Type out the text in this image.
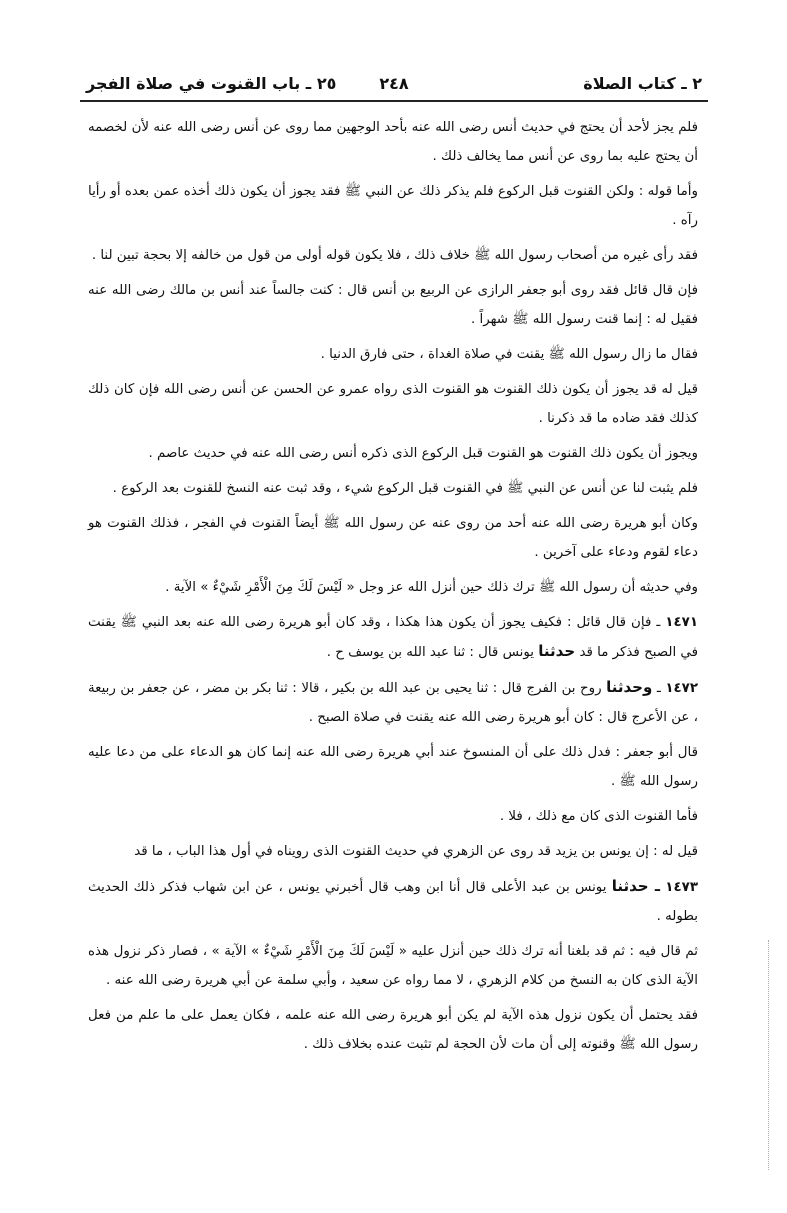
٢ ـ كتاب الصلاة
٢٤٨
٢٥ ـ باب القنوت في صلاة الفجر

فلم يجز لأحد أن يحتج في حديث أنس رضى الله عنه بأحد الوجهين مما روى عن أنس رضى الله عنه لأن لخصمه أن يحتج عليه بما روى عن أنس مما يخالف ذلك .

وأما قوله : ولكن القنوت قبل الركوع فلم يذكر ذلك عن النبي ﷺ فقد يجوز أن يكون ذلك أخذه عمن بعده أو رأيا رآه .

فقد رأى غيره من أصحاب رسول الله ﷺ خلاف ذلك ، فلا يكون قوله أولى من قول من خالفه إلا بحجة تبين لنا .

فإن قال قائل فقد روى أبو جعفر الرازى عن الربيع بن أنس قال : كنت جالساً عند أنس بن مالك رضى الله عنه فقيل له : إنما قنت رسول الله ﷺ شهراً .

فقال ما زال رسول الله ﷺ يقنت في صلاة الغداة ، حتى فارق الدنيا .

قيل له قد يجوز أن يكون ذلك القنوت هو القنوت الذى رواه عمرو عن الحسن عن أنس رضى الله فإن كان ذلك كذلك فقد ضاده ما قد ذكرنا .

ويجوز أن يكون ذلك القنوت هو القنوت قبل الركوع الذى ذكره أنس رضى الله عنه في حديث عاصم .

فلم يثبت لنا عن أنس عن النبي ﷺ في القنوت قبل الركوع شيء ، وقد ثبت عنه النسخ للقنوت بعد الركوع .

وكان أبو هريرة رضى الله عنه أحد من روى عنه عن رسول الله ﷺ أيضاً القنوت في الفجر ، فذلك القنوت هو دعاء لقوم ودعاء على آخرين .

وفي حديثه أن رسول الله ﷺ ترك ذلك حين أنزل الله عز وجل « لَيْسَ لَكَ مِنَ الْأَمْرِ شَيْءٌ » الآية .

١٤٧١ ـ فإن قال قائل : فكيف يجوز أن يكون هذا هكذا ، وقد كان أبو هريرة رضى الله عنه بعد النبي ﷺ يقنت في الصبح فذكر ما قد حدثنا يونس قال : ثنا عبد الله بن يوسف ح .

١٤٧٢ ـ وحدثنا روح بن الفرج قال : ثنا يحيى بن عبد الله بن بكير ، قالا : ثنا بكر بن مضر ، عن جعفر بن ربيعة ، عن الأعرج قال : كان أبو هريرة رضى الله عنه يقنت في صلاة الصبح .

قال أبو جعفر : فدل ذلك على أن المنسوخ عند أبي هريرة رضى الله عنه إنما كان هو الدعاء على من دعا عليه رسول الله ﷺ .

فأما القنوت الذى كان مع ذلك ، فلا .

قيل له : إن يونس بن يزيد قد روى عن الزهري في حديث القنوت الذى رويناه في أول هذا الباب ، ما قد

١٤٧٣ ـ حدثنا يونس بن عبد الأعلى قال أنا ابن وهب قال أخبرني يونس ، عن ابن شهاب فذكر ذلك الحديث بطوله .

ثم قال فيه : ثم قد بلغنا أنه ترك ذلك حين أنزل عليه « لَيْسَ لَكَ مِنَ الْأَمْرِ شَيْءٌ » الآية » ، فصار ذكر نزول هذه الآية الذى كان به النسخ من كلام الزهري ، لا مما رواه عن سعيد ، وأبي سلمة عن أبي هريرة رضى الله عنه .

فقد يحتمل أن يكون نزول هذه الآية لم يكن أبو هريرة رضى الله عنه علمه ، فكان يعمل على ما علم من فعل رسول الله ﷺ وقنوته إلى أن مات لأن الحجة لم تثبت عنده بخلاف ذلك .
